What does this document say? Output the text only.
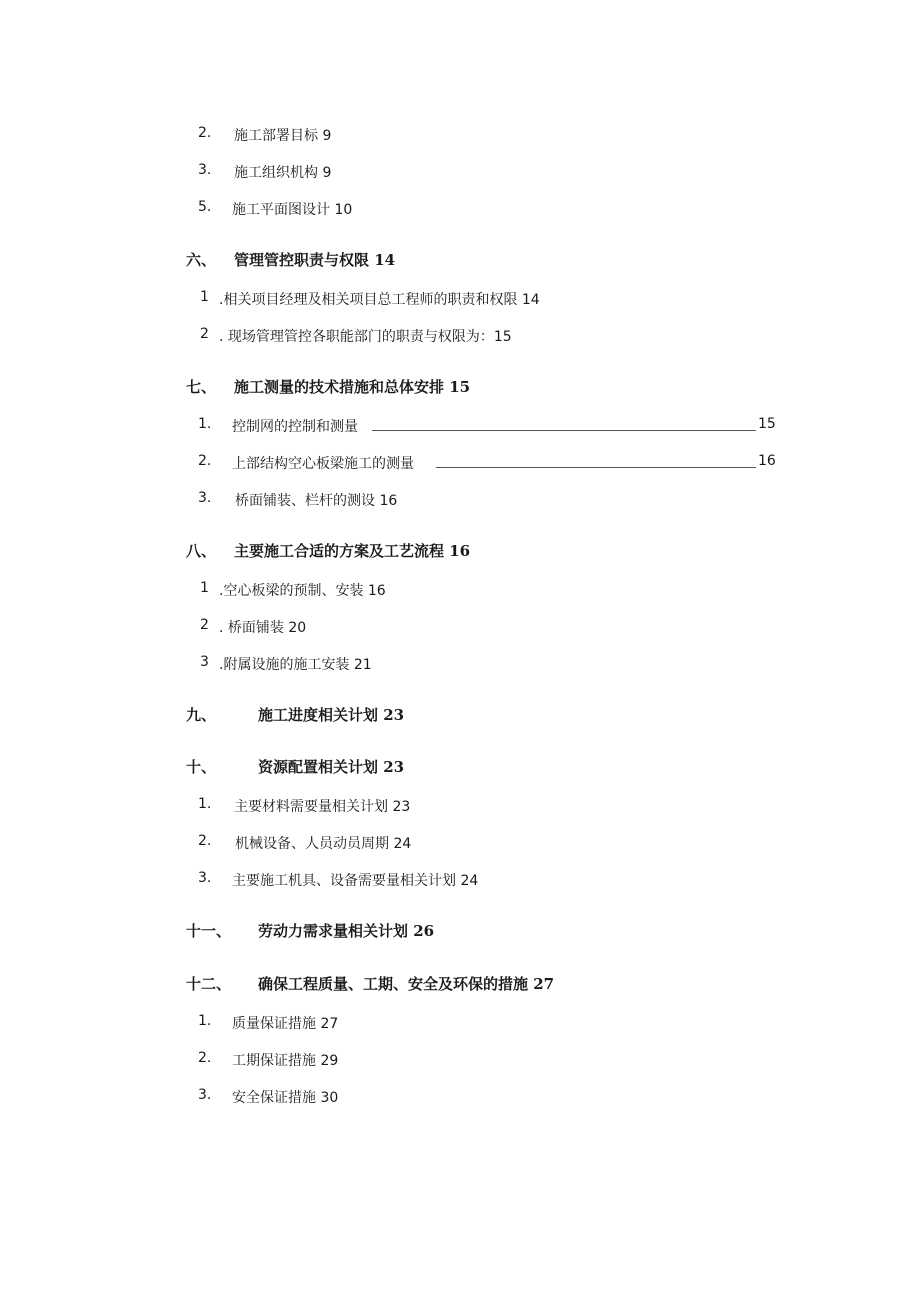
2. 施工部署目标 9
3. 施工组织机构 9
5. 施工平面图设计 10
六、 管理管控职责与权限 14
1 .相关项目经理及相关项目总工程师的职责和权限 14
2 . 现场管理管控各职能部门的职责与权限为：15
七、 施工测量的技术措施和总体安排 15
1. 控制网的控制和测量	15
2. 上部结构空心板梁施工的测量	16
3. 桥面铺装、栏杆的测设 16
八、 主要施工合适的方案及工艺流程 16
1 .空心板梁的预制、安装 16
2 . 桥面铺装 20
3 .附属设施的施工安装 21
九、	施工进度相关计划 23
十、	资源配置相关计划 23
1. 主要材料需要量相关计划 23
2. 机械设备、人员动员周期 24
3. 主要施工机具、设备需要量相关计划 24
十一、 劳动力需求量相关计划 26
十二、 确保工程质量、工期、安全及环保的措施 27
1. 质量保证措施 27
2. 工期保证措施 29
3. 安全保证措施 30
